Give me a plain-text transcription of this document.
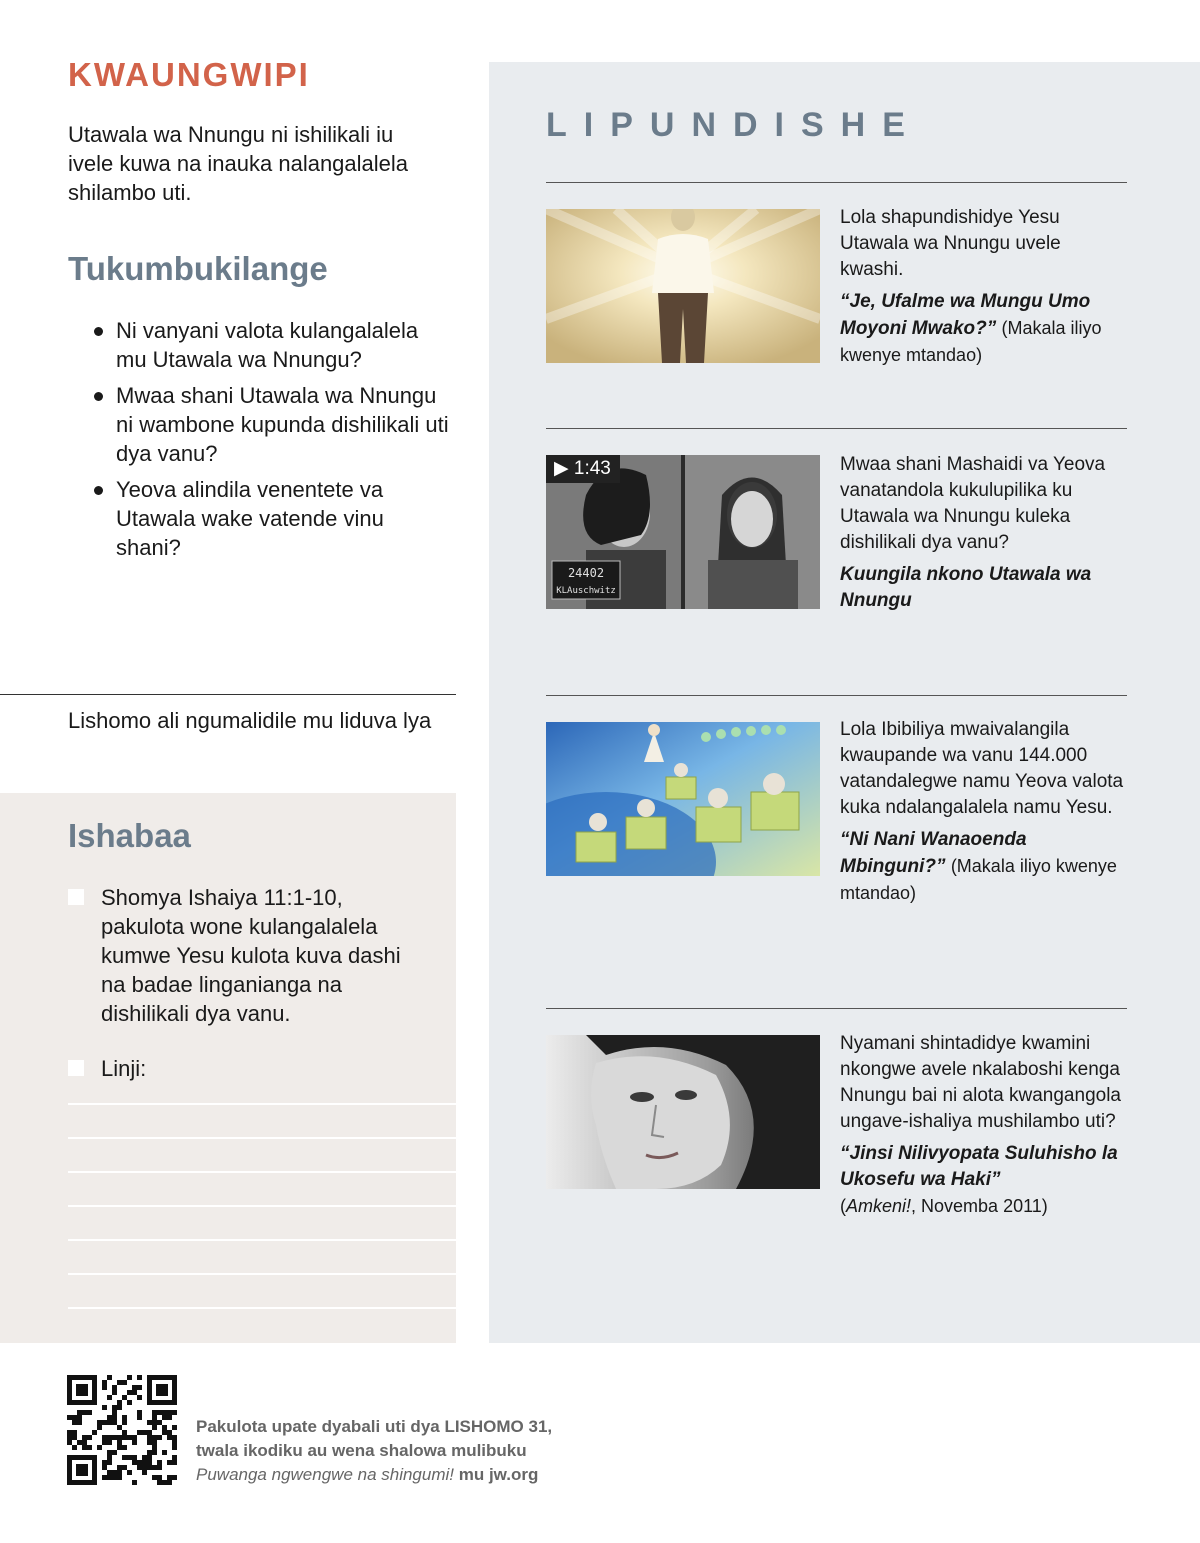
KWAUNGWIPI

Utawala wa Nnungu ni ishilikali iu ivele kuwa na inauka nalangalalela shilambo uti.

Tukumbukilange
Ni vanyani valota kulangalalela mu Utawala wa Nnungu?
Mwaa shani Utawala wa Nnungu ni wambone kupunda dishilikali uti dya vanu?
Yeova alindila venentete va Utawala wake vatende vinu shani?

Lishomo ali ngumalidile mu liduva lya

Ishabaa
Shomya Ishaiya 11:1-10, pakulota wone kulangalalela kumwe Yesu kulota kuva dashi na badae linganianga na dishilikali dya vanu.
Linji:
LIPUNDISHE

Lola shapundishidye Yesu Utawala wa Nnungu uvele kwashi.

“Je, Ufalme wa Mungu Umo Moyoni Mwako?” (Makala iliyo kwenye mtandao)
24402
KLAuschwitz
▶ 1:43	Mwaa shani Mashaidi va Yeova vanatandola kukulupilika ku Utawala wa Nnungu kuleka dishilikali dya vanu?

Kuungila nkono Utawala wa Nnungu

Lola Ibibiliya mwaivalangila kwaupande wa vanu 144.000 vatandalegwe namu Yeova valota kuka ndalangalalela namu Yesu.

“Ni Nani Wanaoenda Mbinguni?” (Makala iliyo kwenye mtandao)

Nyamani shintadidye kwamini nkongwe avele nkalaboshi kenga Nnungu bai ni alota kwangangola ungave-ishaliya mushilambo uti?

“Jinsi Nilivyopata Suluhisho la Ukosefu wa Haki”
(Amkeni!, Novemba 2011)
Pakulota upate dyabali uti dya LISHOMO 31,
twala ikodiku au wena shalowa mulibuku
Puwanga ngwengwe na shingumi! mu jw.org
